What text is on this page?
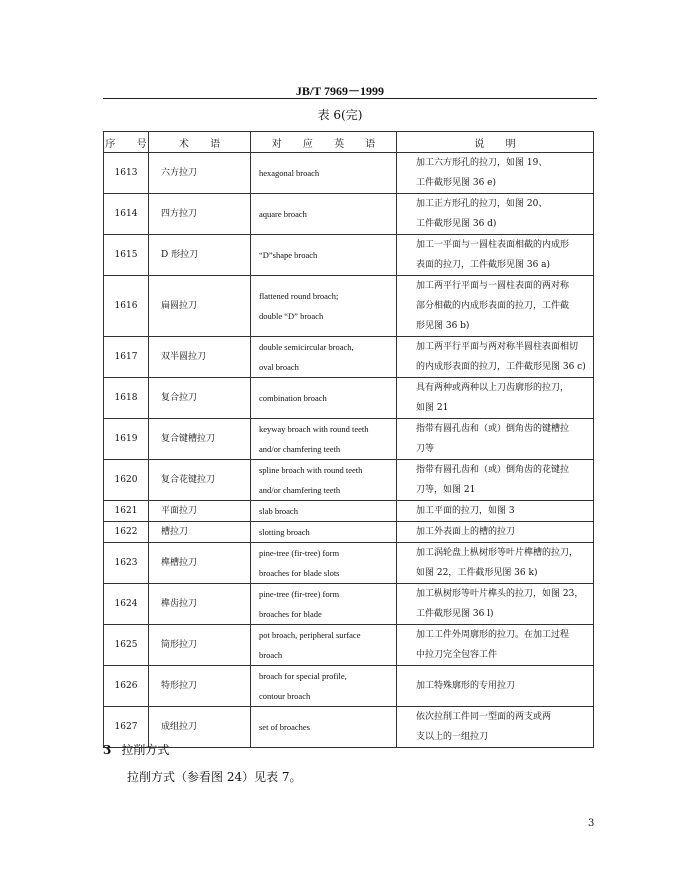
JB/T 7969－1999
表 6(完)
序 号	术 语	对 应 英 语	说 明
1613	六方拉刀	hexagonal broach	加工六方形孔的拉刀，如图 19、
工件截形见图 36 e)

1614	四方拉刀	aquare broach	加工正方形孔的拉刀，如图 20、
工件截形见图 36 d)

1615	D 形拉刀	“D”shape broach	加工一平面与一圆柱表面相截的内成形
表面的拉刀，工件截形见图 36 a)

1616	扁圆拉刀	flattened round broach;
double “D” broach	加工两平行平面与一圆柱表面的两对称
部分相截的内成形表面的拉刀，工件截
形见图 36 b)

1617	双半圆拉刀	double semicircular broach,
oval broach	加工两平行平面与两对称半圆柱表面相切
的内成形表面的拉刀，工件截形见图 36 c)

1618	复合拉刀	combination broach	具有两种或两种以上刀齿廓形的拉刀，
如图 21

1619	复合键槽拉刀	keyway broach with round teeth
and/or chamfering teeth	指带有圆孔齿和（或）倒角齿的键槽拉
刀等

1620	复合花键拉刀	spline broach with round teeth
and/or chamfering teeth	指带有圆孔齿和（或）倒角齿的花键拉
刀等，如图 21

1621	平面拉刀	slab broach	加工平面的拉刀，如图 3

1622	槽拉刀	slotting broach	加工外表面上的槽的拉刀

1623	榫槽拉刀	pine-tree (fir-tree) form
broaches for blade slots	加工涡轮盘上枞树形等叶片榫槽的拉刀，
如图 22，工件截形见图 36 k)

1624	榫齿拉刀	pine-tree (fir-tree) form
broaches for blade	加工枞树形等叶片榫头的拉刀，如图 23，
工件截形见图 36 l)

1625	筒形拉刀	pot broach, peripheral surface
broach	加工工件外周廓形的拉刀。在加工过程
中拉刀完全包容工件

1626	特形拉刀	broach for special profile,
contour broach	加工特殊廓形的专用拉刀

1627	成组拉刀	set of broaches	依次拉削工件同一型面的两支或两
支以上的一组拉刀
3 拉削方式
拉削方式（参看图 24）见表 7。
3
